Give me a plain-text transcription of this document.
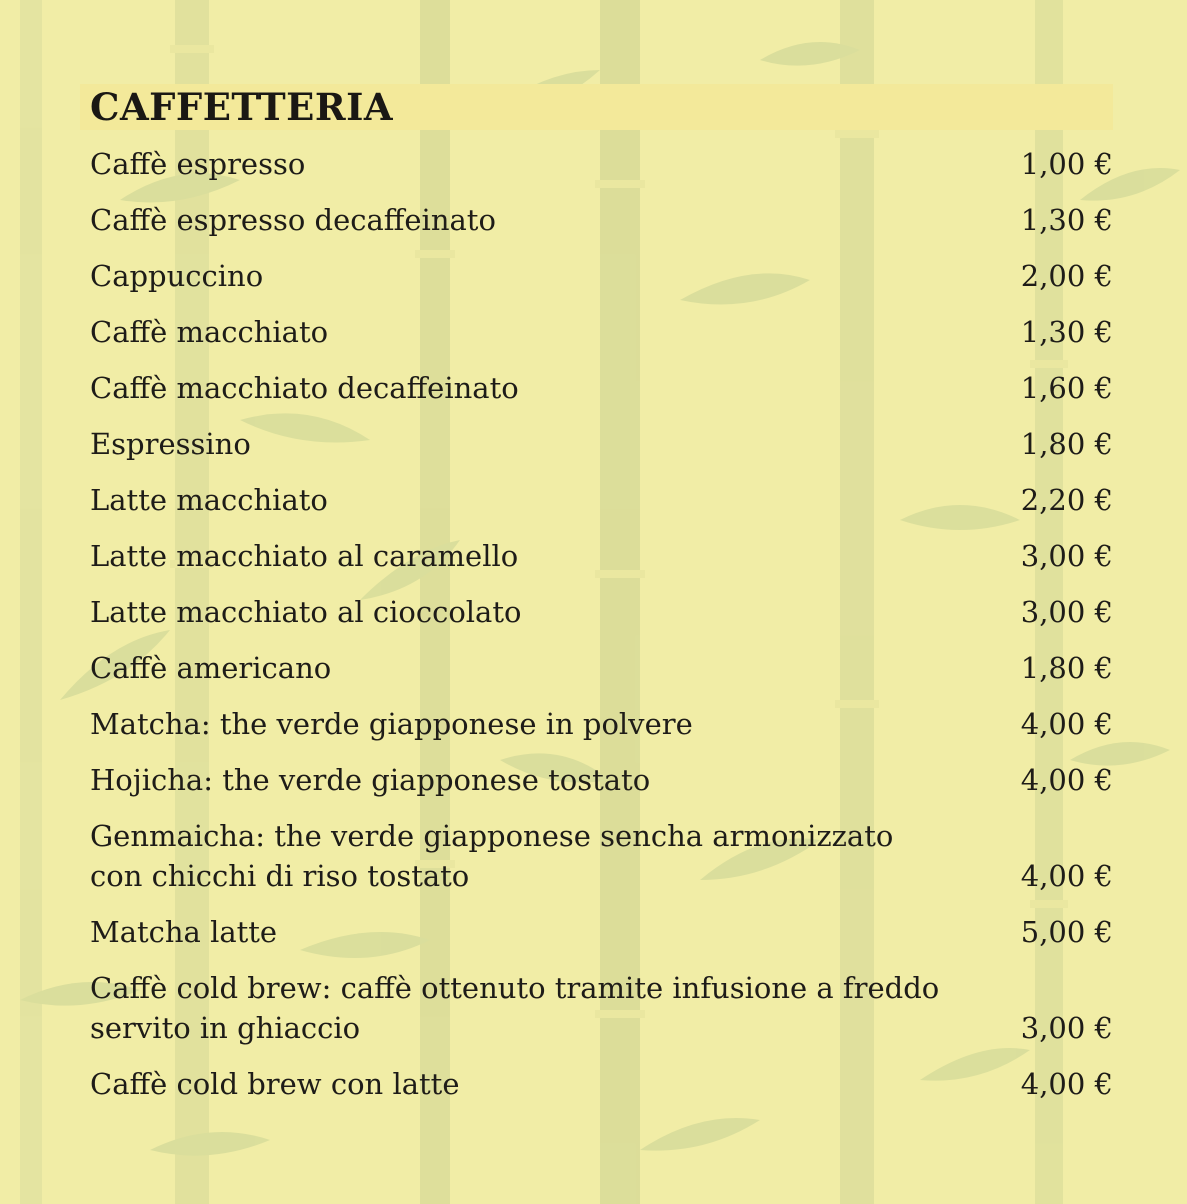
CAFFETTERIA
Caffè espresso	1,00 €
Caffè espresso decaffeinato	1,30 €
Cappuccino	2,00 €
Caffè macchiato	1,30 €
Caffè macchiato decaffeinato	1,60 €
Espressino	1,80 €
Latte macchiato	2,20 €
Latte macchiato al caramello	3,00 €
Latte macchiato al cioccolato	3,00 €
Caffè americano	1,80 €
Matcha: the verde giapponese in polvere	4,00 €
Hojicha: the verde giapponese tostato	4,00 €
Genmaicha: the verde giapponese sencha armonizzato
con chicchi di riso tostato	4,00 €
Matcha latte	5,00 €
Caffè cold brew: caffè ottenuto tramite infusione a freddo
servito in ghiaccio	3,00 €
Caffè cold brew con latte	4,00 €
